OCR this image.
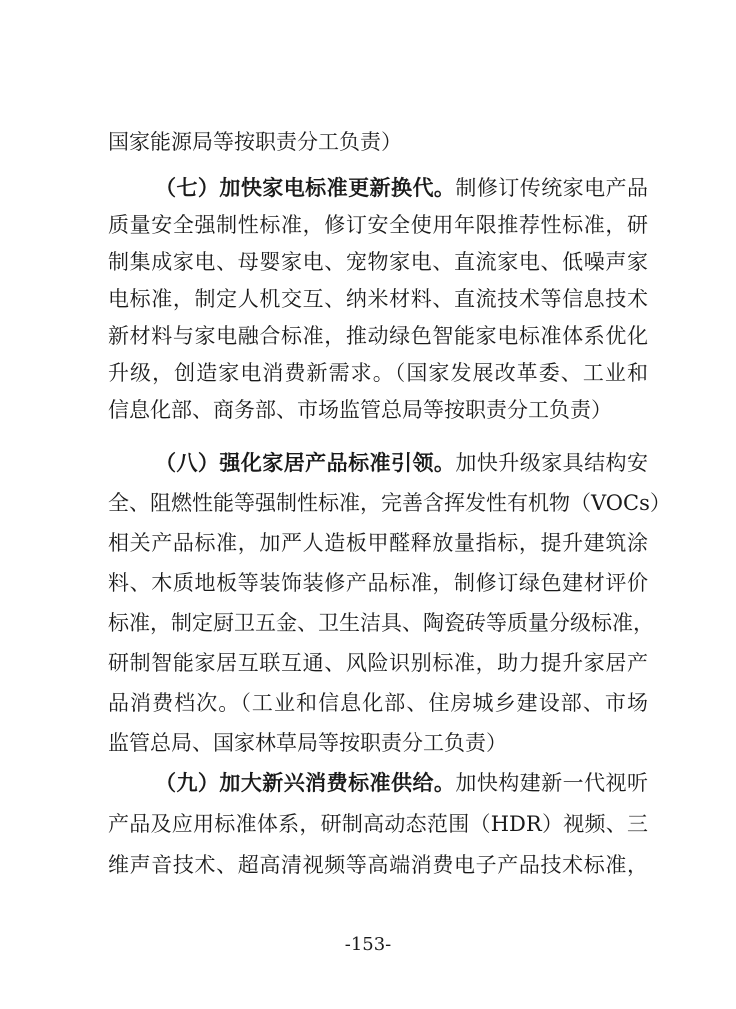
国家能源局等按职责分工负责）
（七）加快家电标准更新换代。制修订传统家电产品
质量安全强制性标准，修订安全使用年限推荐性标准，研
制集成家电、母婴家电、宠物家电、直流家电、低噪声家
电标准，制定人机交互、纳米材料、直流技术等信息技术
新材料与家电融合标准，推动绿色智能家电标准体系优化
升级，创造家电消费新需求。（国家发展改革委、工业和
信息化部、商务部、市场监管总局等按职责分工负责）
（八）强化家居产品标准引领。加快升级家具结构安
全、阻燃性能等强制性标准，完善含挥发性有机物（VOCs）
相关产品标准，加严人造板甲醛释放量指标，提升建筑涂
料、木质地板等装饰装修产品标准，制修订绿色建材评价
标准，制定厨卫五金、卫生洁具、陶瓷砖等质量分级标准，
研制智能家居互联互通、风险识别标准，助力提升家居产
品消费档次。（工业和信息化部、住房城乡建设部、市场
监管总局、国家林草局等按职责分工负责）
（九）加大新兴消费标准供给。加快构建新一代视听
产品及应用标准体系，研制高动态范围（HDR）视频、三
维声音技术、超高清视频等高端消费电子产品技术标准，
-153-
